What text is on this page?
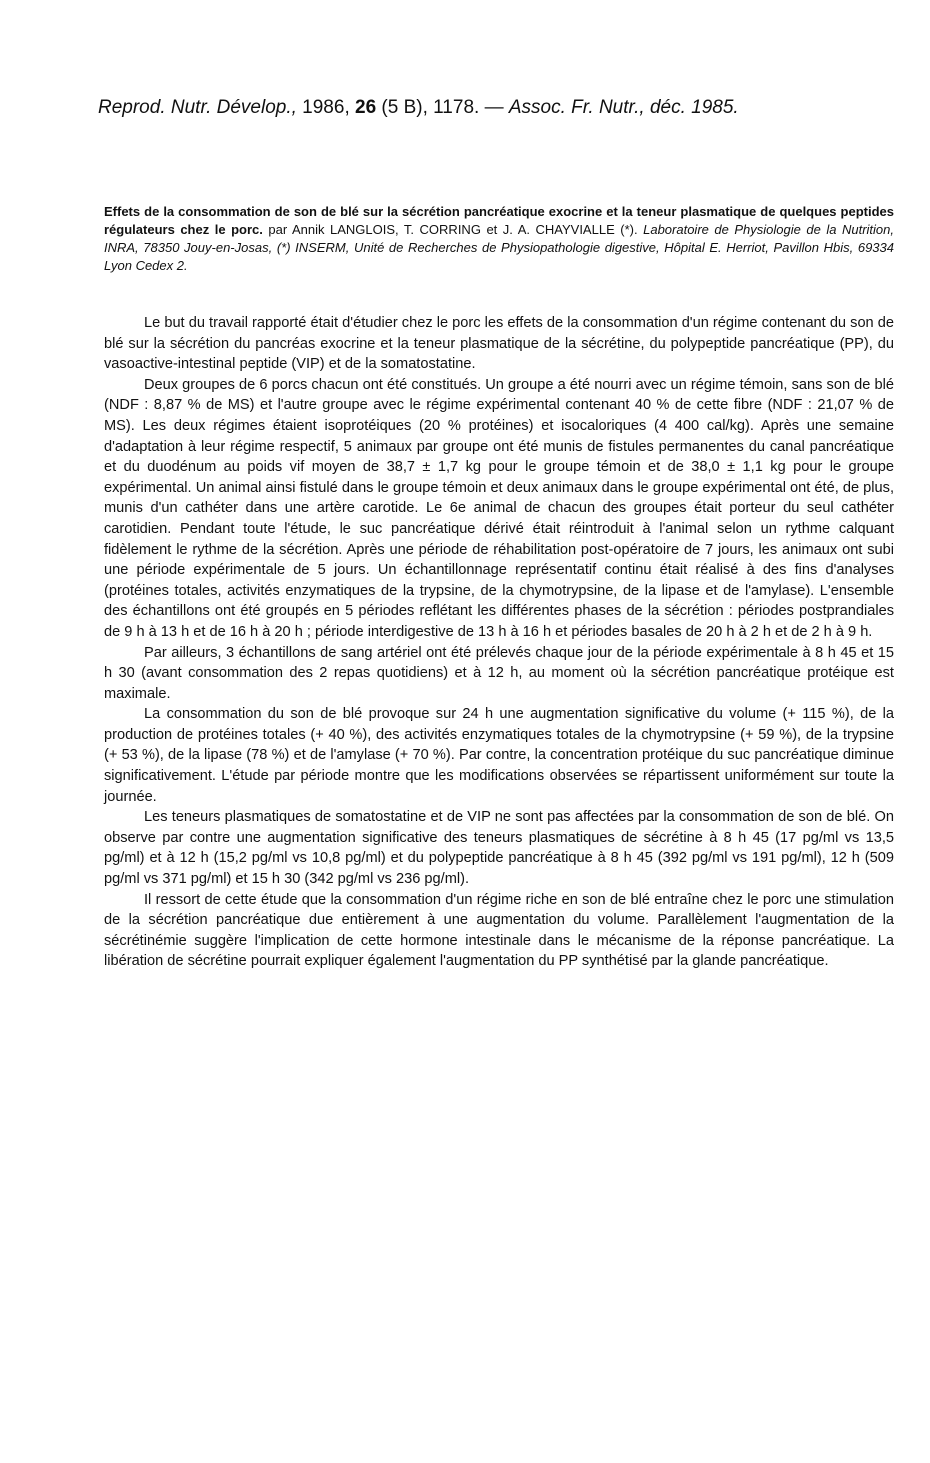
Reprod. Nutr. Dévelop., 1986, 26 (5 B), 1178. — Assoc. Fr. Nutr., déc. 1985.
Effets de la consommation de son de blé sur la sécrétion pancréatique exocrine et la teneur plasmatique de quelques peptides régulateurs chez le porc. par Annik LANGLOIS, T. CORRING et J. A. CHAYVIALLE (*). Laboratoire de Physiologie de la Nutrition, INRA, 78350 Jouy-en-Josas, (*) INSERM, Unité de Recherches de Physiopathologie digestive, Hôpital E. Herriot, Pavillon Hbis, 69334 Lyon Cedex 2.

Le but du travail rapporté était d'étudier chez le porc les effets de la consommation d'un régime contenant du son de blé sur la sécrétion du pancréas exocrine et la teneur plasmatique de la sécrétine, du polypeptide pancréatique (PP), du vasoactive-intestinal peptide (VIP) et de la somatostatine.

Deux groupes de 6 porcs chacun ont été constitués. Un groupe a été nourri avec un régime témoin, sans son de blé (NDF : 8,87 % de MS) et l'autre groupe avec le régime expérimental contenant 40 % de cette fibre (NDF : 21,07 % de MS). Les deux régimes étaient isoprotéiques (20 % protéines) et isocaloriques (4 400 cal/kg). Après une semaine d'adaptation à leur régime respectif, 5 animaux par groupe ont été munis de fistules permanentes du canal pancréatique et du duodénum au poids vif moyen de 38,7 ± 1,7 kg pour le groupe témoin et de 38,0 ± 1,1 kg pour le groupe expérimental. Un animal ainsi fistulé dans le groupe témoin et deux animaux dans le groupe expérimental ont été, de plus, munis d'un cathéter dans une artère carotide. Le 6e animal de chacun des groupes était porteur du seul cathéter carotidien. Pendant toute l'étude, le suc pancréatique dérivé était réintroduit à l'animal selon un rythme calquant fidèlement le rythme de la sécrétion. Après une période de réhabilitation post-opératoire de 7 jours, les animaux ont subi une période expérimentale de 5 jours. Un échantillonnage représentatif continu était réalisé à des fins d'analyses (protéines totales, activités enzymatiques de la trypsine, de la chymotrypsine, de la lipase et de l'amylase). L'ensemble des échantillons ont été groupés en 5 périodes reflétant les différentes phases de la sécrétion : périodes postprandiales de 9 h à 13 h et de 16 h à 20 h ; période interdigestive de 13 h à 16 h et périodes basales de 20 h à 2 h et de 2 h à 9 h.

Par ailleurs, 3 échantillons de sang artériel ont été prélevés chaque jour de la période expérimentale à 8 h 45 et 15 h 30 (avant consommation des 2 repas quotidiens) et à 12 h, au moment où la sécrétion pancréatique protéique est maximale.

La consommation du son de blé provoque sur 24 h une augmentation significative du volume (+ 115 %), de la production de protéines totales (+ 40 %), des activités enzymatiques totales de la chymotrypsine (+ 59 %), de la trypsine (+ 53 %), de la lipase (78 %) et de l'amylase (+ 70 %). Par contre, la concentration protéique du suc pancréatique diminue significativement. L'étude par période montre que les modifications observées se répartissent uniformément sur toute la journée.

Les teneurs plasmatiques de somatostatine et de VIP ne sont pas affectées par la consommation de son de blé. On observe par contre une augmentation significative des teneurs plasmatiques de sécrétine à 8 h 45 (17 pg/ml vs 13,5 pg/ml) et à 12 h (15,2 pg/ml vs 10,8 pg/ml) et du polypeptide pancréatique à 8 h 45 (392 pg/ml vs 191 pg/ml), 12 h (509 pg/ml vs 371 pg/ml) et 15 h 30 (342 pg/ml vs 236 pg/ml).

Il ressort de cette étude que la consommation d'un régime riche en son de blé entraîne chez le porc une stimulation de la sécrétion pancréatique due entièrement à une augmentation du volume. Parallèlement l'augmentation de la sécrétinémie suggère l'implication de cette hormone intestinale dans le mécanisme de la réponse pancréatique. La libération de sécrétine pourrait expliquer également l'augmentation du PP synthétisé par la glande pancréatique.
